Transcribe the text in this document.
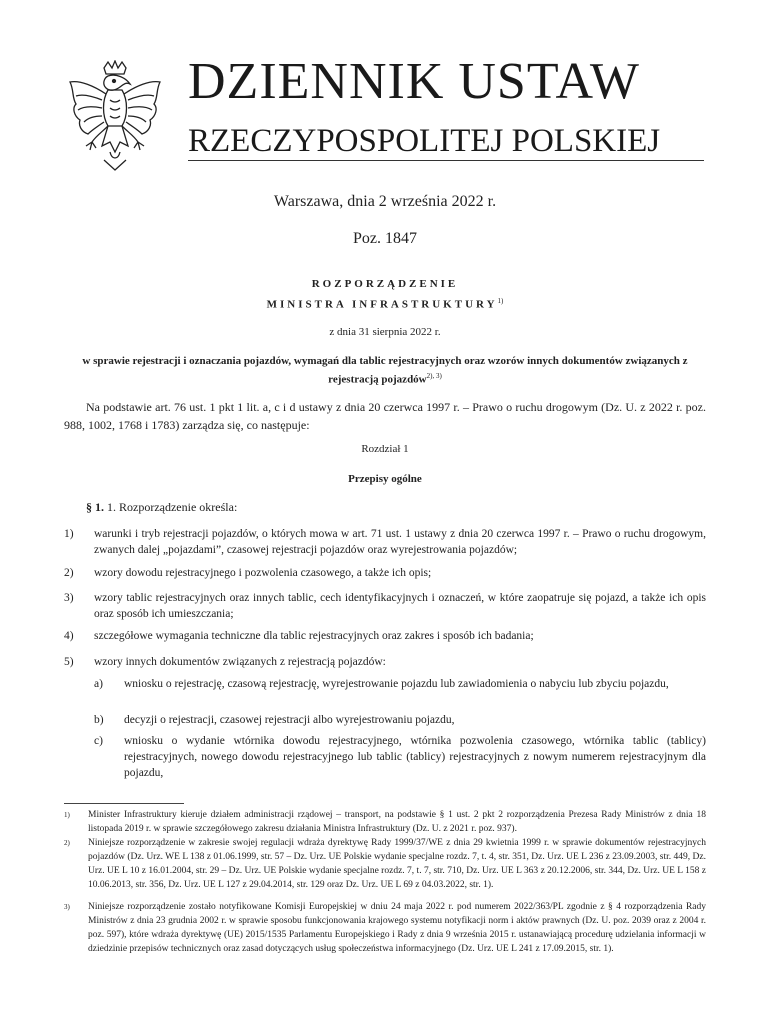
DZIENNIK USTAW
RZECZYPOSPOLITEJ POLSKIEJ
Warszawa, dnia 2 września 2022 r.
Poz. 1847
ROZPORZĄDZENIE
MINISTRA INFRASTRUKTURY$^{1)}$
z dnia 31 sierpnia 2022 r.
w sprawie rejestracji i oznaczania pojazdów, wymagań dla tablic rejestracyjnych oraz wzorów innych dokumentów związanych z rejestracją pojazdów$^{2), 3)}$
Na podstawie art. 76 ust. 1 pkt 1 lit. a, c i d ustawy z dnia 20 czerwca 1997 r. – Prawo o ruchu drogowym (Dz. U. z 2022 r. poz. 988, 1002, 1768 i 1783) zarządza się, co następuje:
Rozdział 1
Przepisy ogólne
§ 1. 1. Rozporządzenie określa:
1) warunki i tryb rejestracji pojazdów, o których mowa w art. 71 ust. 1 ustawy z dnia 20 czerwca 1997 r. – Prawo o ruchu drogowym, zwanych dalej „pojazdami”, czasowej rejestracji pojazdów oraz wyrejestrowania pojazdów;
2) wzory dowodu rejestracyjnego i pozwolenia czasowego, a także ich opis;
3) wzory tablic rejestracyjnych oraz innych tablic, cech identyfikacyjnych i oznaczeń, w które zaopatruje się pojazd, a także ich opis oraz sposób ich umieszczania;
4) szczegółowe wymagania techniczne dla tablic rejestracyjnych oraz zakres i sposób ich badania;
5) wzory innych dokumentów związanych z rejestracją pojazdów:
a) wniosku o rejestrację, czasową rejestrację, wyrejestrowanie pojazdu lub zawiadomienia o nabyciu lub zbyciu pojazdu,
b) decyzji o rejestracji, czasowej rejestracji albo wyrejestrowaniu pojazdu,
c) wniosku o wydanie wtórnika dowodu rejestracyjnego, wtórnika pozwolenia czasowego, wtórnika tablic (tablicy) rejestracyjnych, nowego dowodu rejestracyjnego lub tablic (tablicy) rejestracyjnych z nowym numerem rejestracyjnym dla pojazdu,
1) Minister Infrastruktury kieruje działem administracji rządowej – transport, na podstawie § 1 ust. 2 pkt 2 rozporządzenia Prezesa Rady Ministrów z dnia 18 listopada 2019 r. w sprawie szczegółowego zakresu działania Ministra Infrastruktury (Dz. U. z 2021 r. poz. 937).
2) Niniejsze rozporządzenie w zakresie swojej regulacji wdraża dyrektywę Rady 1999/37/WE z dnia 29 kwietnia 1999 r. w sprawie dokumentów rejestracyjnych pojazdów (Dz. Urz. WE L 138 z 01.06.1999, str. 57 – Dz. Urz. UE Polskie wydanie specjalne rozdz. 7, t. 4, str. 351, Dz. Urz. UE L 236 z 23.09.2003, str. 449, Dz. Urz. UE L 10 z 16.01.2004, str. 29 – Dz. Urz. UE Polskie wydanie specjalne rozdz. 7, t. 7, str. 710, Dz. Urz. UE L 363 z 20.12.2006, str. 344, Dz. Urz. UE L 158 z 10.06.2013, str. 356, Dz. Urz. UE L 127 z 29.04.2014, str. 129 oraz Dz. Urz. UE L 69 z 04.03.2022, str. 1).
3) Niniejsze rozporządzenie zostało notyfikowane Komisji Europejskiej w dniu 24 maja 2022 r. pod numerem 2022/363/PL zgodnie z § 4 rozporządzenia Rady Ministrów z dnia 23 grudnia 2002 r. w sprawie sposobu funkcjonowania krajowego systemu notyfikacji norm i aktów prawnych (Dz. U. poz. 2039 oraz z 2004 r. poz. 597), które wdraża dyrektywę (UE) 2015/1535 Parlamentu Europejskiego i Rady z dnia 9 września 2015 r. ustanawiającą procedurę udzielania informacji w dziedzinie przepisów technicznych oraz zasad dotyczących usług społeczeństwa informacyjnego (Dz. Urz. UE L 241 z 17.09.2015, str. 1).
